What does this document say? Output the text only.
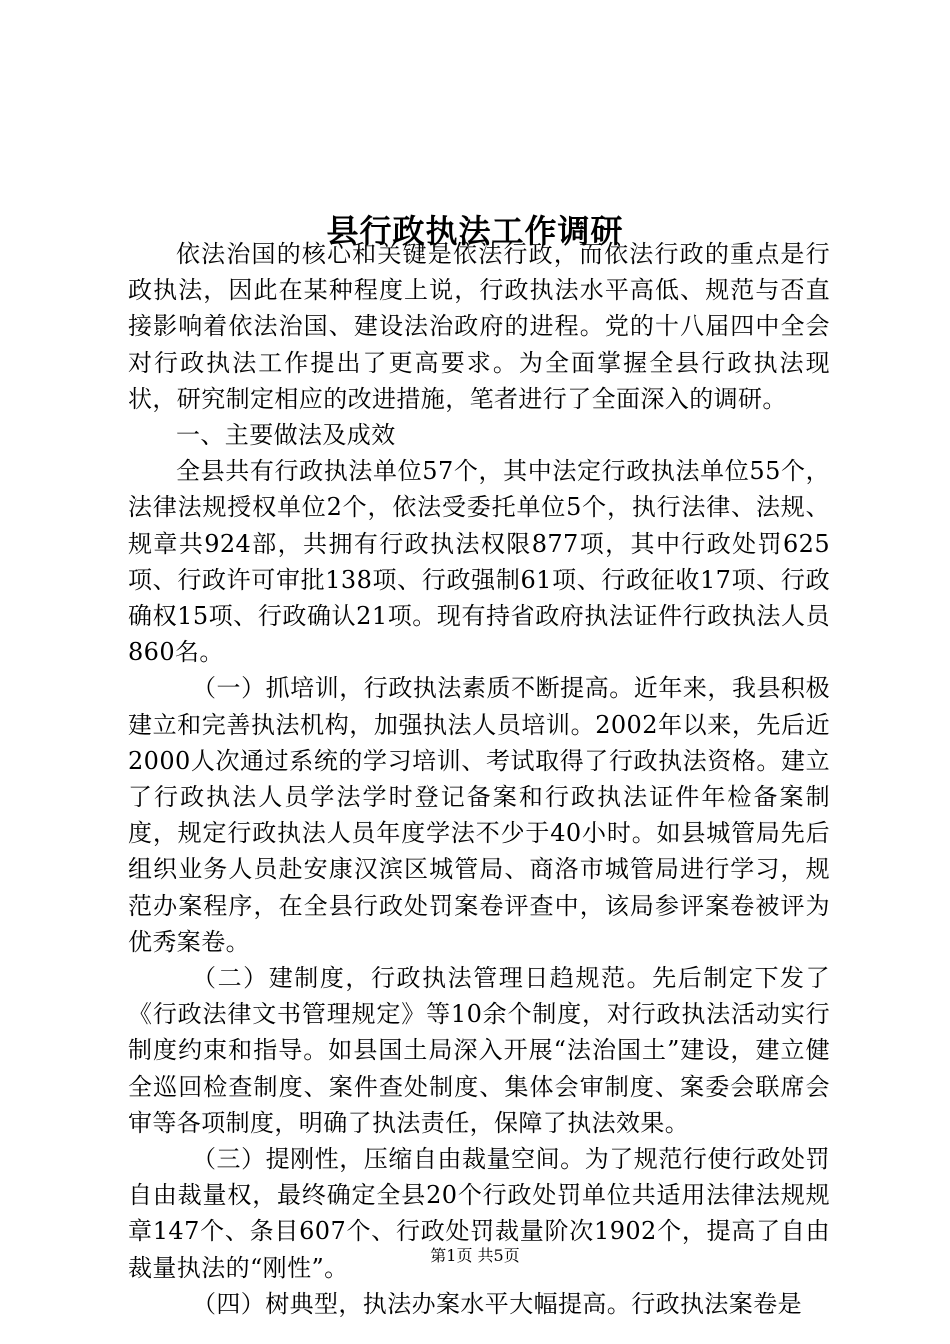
县行政执法工作调研

依法治国的核心和关键是依法行政，而依法行政的重点是行政执法，因此在某种程度上说，行政执法水平高低、规范与否直接影响着依法治国、建设法治政府的进程。党的十八届四中全会对行政执法工作提出了更高要求。为全面掌握全县行政执法现状，研究制定相应的改进措施，笔者进行了全面深入的调研。

一、主要做法及成效

全县共有行政执法单位57个，其中法定行政执法单位55个，法律法规授权单位2个，依法受委托单位5个，执行法律、法规、规章共924部，共拥有行政执法权限877项，其中行政处罚625项、行政许可审批138项、行政强制61项、行政征收17项、行政确权15项、行政确认21项。现有持省政府执法证件行政执法人员860名。

（一）抓培训，行政执法素质不断提高。近年来，我县积极建立和完善执法机构，加强执法人员培训。2002年以来，先后近2000人次通过系统的学习培训、考试取得了行政执法资格。建立了行政执法人员学法学时登记备案和行政执法证件年检备案制度，规定行政执法人员年度学法不少于40小时。如县城管局先后组织业务人员赴安康汉滨区城管局、商洛市城管局进行学习，规范办案程序，在全县行政处罚案卷评查中，该局参评案卷被评为优秀案卷。

（二）建制度，行政执法管理日趋规范。先后制定下发了《行政法律文书管理规定》等10余个制度，对行政执法活动实行制度约束和指导。如县国土局深入开展“法治国土”建设，建立健全巡回检查制度、案件查处制度、集体会审制度、案委会联席会审等各项制度，明确了执法责任，保障了执法效果。

（三）提刚性，压缩自由裁量空间。为了规范行使行政处罚自由裁量权，最终确定全县20个行政处罚单位共适用法律法规规章147个、条目607个、行政处罚裁量阶次1902个，提高了自由裁量执法的“刚性”。

（四）树典型，执法办案水平大幅提高。行政执法案卷是

第1页 共5页
